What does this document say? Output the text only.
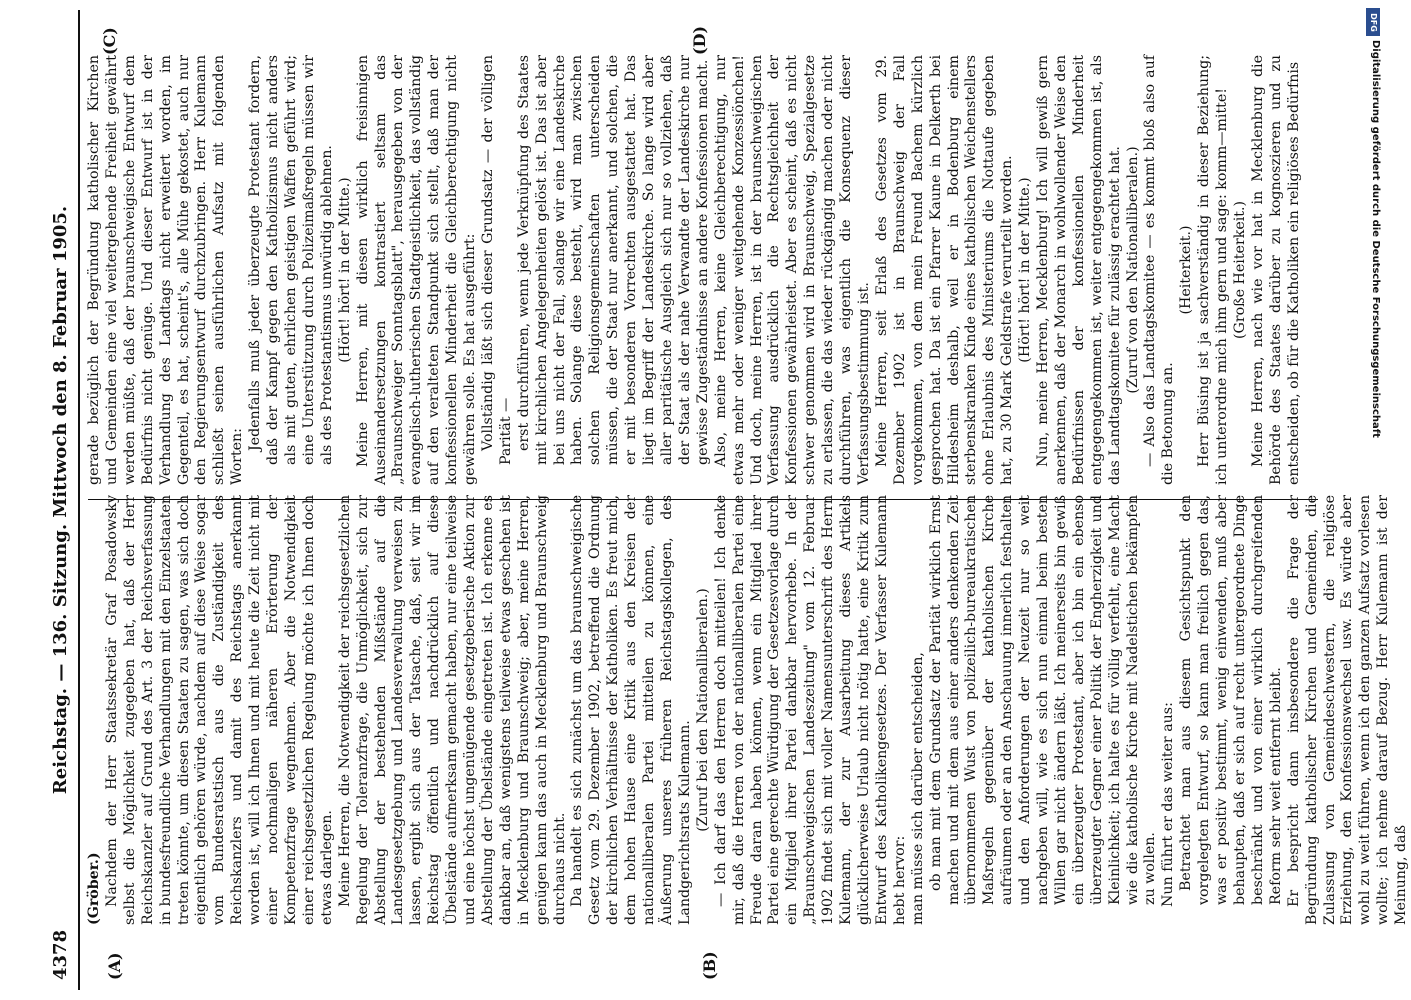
4378
Reichstag. — 136. Sitzung. Mittwoch den 8. Februar 1905.
(A)	(B)
(C)	(D)

(Gröber.) Nachdem der Herr Staatssekretär Graf Posadowsky selbst die Möglichkeit zugegeben hat, daß der Herr Reichskanzler auf Grund des Art. 3 der Reichsverfassung in bundesfreundliche Verhandlungen mit den Einzelstaaten treten könnte, um diesen Staaten zu sagen, was sich doch eigentlich gehören würde, nachdem auf diese Weise sogar vom Bundesratstisch aus die Zuständigkeit des Reichskanzlers und damit des Reichstags anerkannt worden ist, will ich Ihnen und mit heute die Zeit nicht mit einer nochmaligen näheren Erörterung der Kompetenzfrage wegnehmen. Aber die Notwendigkeit einer reichsgesetzlichen Regelung möchte ich Ihnen doch etwas darlegen. Meine Herren, die Notwendigkeit der reichsgesetzlichen Regelung der Toleranzfrage, die Unmöglichkeit, sich zur Abstellung der bestehenden Mißstände auf die Landesgesetzgebung und Landesverwaltung verweisen zu lassen, ergibt sich aus der Tatsache, daß, seit wir im Reichstag öffentlich und nachdrücklich auf diese Übelstände aufmerksam gemacht haben, nur eine teilweise und eine höchst ungenügende gesetzgeberische Aktion zur Abstellung der Übelstände eingetreten ist. Ich erkenne es dankbar an, daß wenigstens teilweise etwas geschehen ist in Mecklenburg und Braunschweig; aber, meine Herren, genügen kann das auch in Mecklenburg und Braunschweig durchaus nicht. Da handelt es sich zunächst um das braunschweigische Gesetz vom 29. Dezember 1902, betreffend die Ordnung der kirchlichen Verhältnisse der Katholiken. Es freut mich, dem hohen Hause eine Kritik aus den Kreisen der nationalliberalen Partei mitteilen zu können, eine Äußerung unseres früheren Reichstagskollegen, des Landgerichtsrats Kulemann. (Zuruf bei den Nationalliberalen.) — Ich darf das den Herren doch mitteilen! Ich denke mir, daß die Herren von der nationalliberalen Partei eine Freude daran haben können, wenn ein Mitglied ihrer Partei eine gerechte Würdigung der Gesetzesvorlage durch ein Mitglied ihrer Partei dankbar hervorhebe. In der „Braunschweigischen Landeszeitung" vom 12. Februar 1902 findet sich mit voller Namensunterschrift des Herrn Kulemann, der zur Ausarbeitung dieses Artikels glücklicherweise Urlaub nicht nötig hatte, eine Kritik zum Entwurf des Katholikengesetzes. Der Verfasser Kulemann hebt hervor: man müsse sich darüber entscheiden, ob man mit dem Grundsatz der Parität wirklich Ernst machen und mit dem aus einer anders denkenden Zeit übernommenen Wust von polizeilich-bureaukratischen Maßregeln gegenüber der katholischen Kirche aufräumen oder an den Anschauung innerlich festhalten und den Anforderungen der Neuzeit nur so weit nachgeben will, wie es sich nun einmal beim besten Willen gar nicht ändern läßt. Ich meinerseits bin gewiß ein überzeugter Protestant, aber ich bin ein ebenso überzeugter Gegner einer Politik der Engherzigkeit und Kleinlichkeit; ich halte es für völlig verfehlt, eine Macht wie die katholische Kirche mit Nadelstichen bekämpfen zu wollen. Nun führt er das weiter aus: Betrachtet man aus diesem Gesichtspunkt den vorgelegten Entwurf, so kann man freilich gegen das, was er positiv bestimmt, wenig einwenden, muß aber behaupten, daß er sich auf recht untergeordnete Dinge beschränkt und von einer wirklich durchgreifenden Reform sehr weit entfernt bleibt. Er bespricht dann insbesondere die Frage der Begründung katholischer Kirchen und Gemeinden, die Zulassung von Gemeindeschwestern, die religiöse Erziehung, den Konfessionswechsel usw. Es würde aber wohl zu weit führen, wenn ich den ganzen Aufsatz vorlesen wollte; ich nehme darauf Bezug. Herr Kulemann ist der Meinung, daß

gerade bezüglich der Begründung katholischer Kirchen und Gemeinden eine viel weitergehende Freiheit gewährt werden müßte, daß der braunschweigische Entwurf dem Bedürfnis nicht genüge. Und dieser Entwurf ist in der Verhandlung des Landtags nicht erweitert worden, im Gegenteil, es hat, scheint's, alle Mühe gekostet, auch nur den Regierungsentwurf durchzubringen. Herr Kulemann schließt seinen ausführlichen Aufsatz mit folgenden Worten:

Jedenfalls muß jeder überzeugte Protestant fordern, daß der Kampf gegen den Katholizismus nicht anders als mit guten, ehrlichen geistigen Waffen geführt wird; eine Unterstützung durch Polizeimaßregeln müssen wir als des Protestantismus unwürdig ablehnen. (Hört! hört! in der Mitte.) Meine Herren, mit diesen wirklich freisinnigen Auseinandersetzungen kontrastiert seltsam das „Braunschweiger Sonntagsblatt", herausgegeben von der evangelisch-lutherischen Stadtgeistlichkeit, das vollständig auf den veralteten Standpunkt sich stellt, daß man der konfessionellen Minderheit die Gleichberechtigung nicht gewähren solle. Es hat ausgeführt: Vollständig läßt sich dieser Grundsatz — der völligen Parität — erst durchführen, wenn jede Verknüpfung des Staates mit kirchlichen Angelegenheiten gelöst ist. Das ist aber bei uns nicht der Fall, solange wir eine Landeskirche haben. Solange diese besteht, wird man zwischen solchen Religionsgemeinschaften unterscheiden müssen, die der Staat nur anerkannt, und solchen, die er mit besonderen Vorrechten ausgestattet hat. Das liegt im Begriff der Landeskirche. So lange wird aber aller paritätische Ausgleich sich nur so vollziehen, daß der Staat als der nahe Verwandte der Landeskirche nur gewisse Zugeständnisse an andere Konfessionen macht. Also, meine Herren, keine Gleichberechtigung, nur etwas mehr oder weniger weitgehende Konzessiönchen! Und doch, meine Herren, ist in der braunschweigischen Verfassung ausdrücklich die Rechtsgleichheit der Konfessionen gewährleistet. Aber es scheint, daß es nicht schwer genommen wird in Braunschweig, Spezialgesetze zu erlassen, die das wieder rückgängig machen oder nicht durchführen, was eigentlich die Konsequenz dieser Verfassungsbestimmung ist. Meine Herren, seit Erlaß des Gesetzes vom 29. Dezember 1902 ist in Braunschweig der Fall vorgekommen, von dem mein Freund Bachem kürzlich gesprochen hat. Da ist ein Pfarrer Kaune in Delkerth bei Hildesheim deshalb, weil er in Bodenburg einem sterbenskranken Kinde eines katholischen Weichenstellers ohne Erlaubnis des Ministeriums die Nottaufe gegeben hat, zu 30 Mark Geldstrafe verurteilt worden. (Hört! hört! in der Mitte.) Nun, meine Herren, Mecklenburg! Ich will gewiß gern anerkennen, daß der Monarch in wohlwollender Weise den Bedürfnissen der konfessionellen Minderheit entgegengekommen ist, weiter entgegengekommen ist, als das Landtagskomitee für zulässig erachtet hat. (Zuruf von den Nationalliberalen.) — Also das Landtagskomitee — es kommt bloß also auf die Betonung an.

(Heiterkeit.) Herr Büsing ist ja sachverständig in dieser Beziehung; ich unterordne mich ihm gern und sage: komm—mitte! (Große Heiterkeit.) Meine Herren, nach wie vor hat in Mecklenburg die Behörde des Staates darüber zu kognoszieren und zu entscheiden, ob für die Katholiken ein religiöses Bedürfnis	Digitalisierung gefördert durch die Deutsche Forschungsgemeinschaft
DFG
